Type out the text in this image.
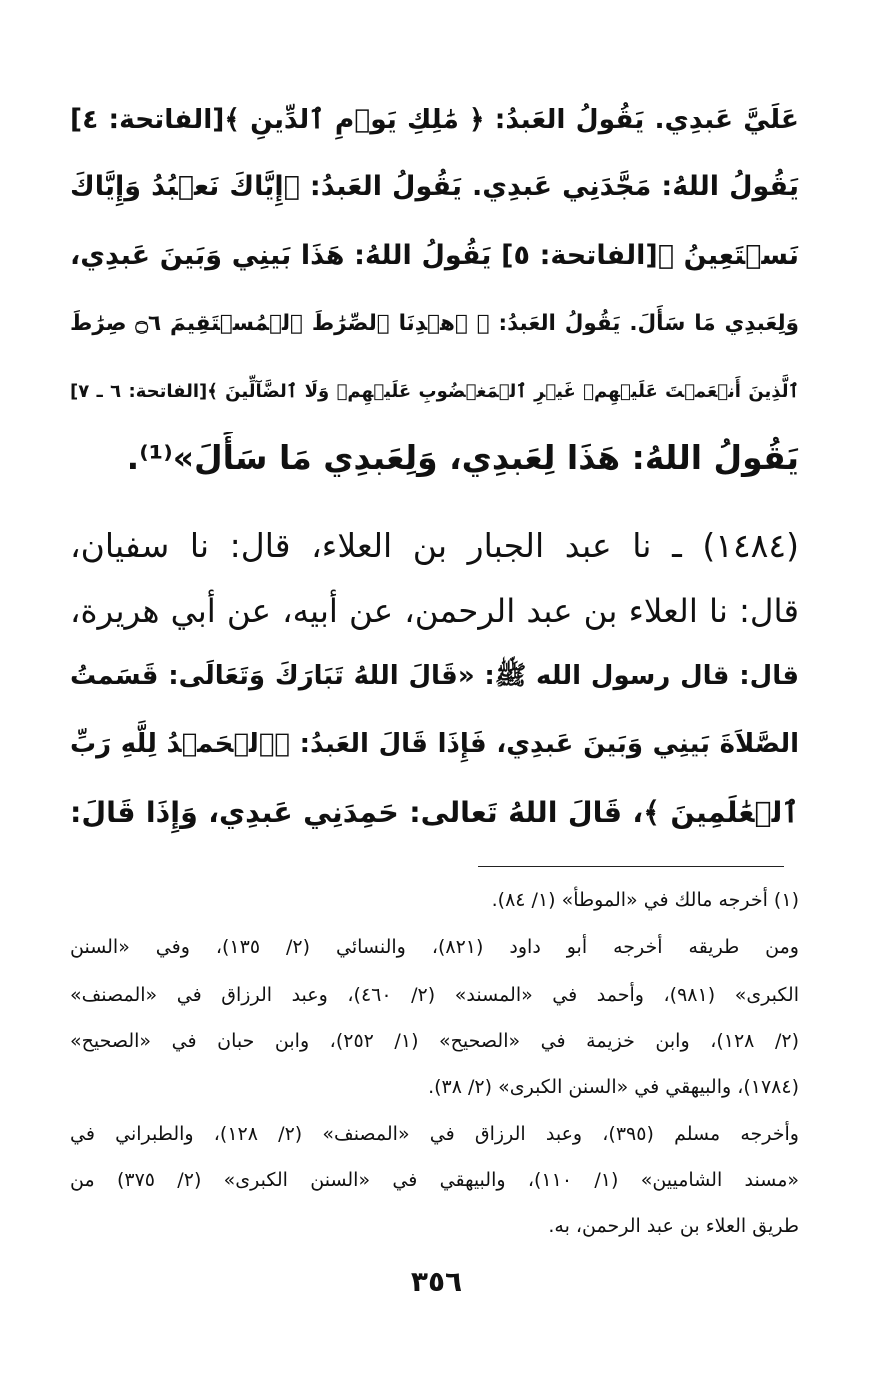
عَلَيَّ عَبدِي. يَقُولُ العَبدُ: ﴿ مَٰلِكِ يَوۡمِ ٱلدِّينِ ﴾[الفاتحة: ٤]
يَقُولُ اللهُ: مَجَّدَنِي عَبدِي. يَقُولُ العَبدُ: ﴿إِيَّاكَ نَعۡبُدُ وَإِيَّاكَ
نَسۡتَعِينُ ﴾[الفاتحة: ٥] يَقُولُ اللهُ: هَذَا بَينِي وَبَينَ عَبدِي،
وَلِعَبدِي مَا سَأَلَ. يَقُولُ العَبدُ: ﴿ ٱهۡدِنَا ٱلصِّرَٰطَ ٱلۡمُسۡتَقِيمَ ۝٦ صِرَٰطَ
ٱلَّذِينَ أَنۡعَمۡتَ عَلَيۡهِمۡ غَيۡرِ ٱلۡمَغۡضُوبِ عَلَيۡهِمۡ وَلَا ٱلضَّآلِّينَ ﴾[الفاتحة: ٦ ـ ٧]
يَقُولُ اللهُ: هَذَا لِعَبدِي، وَلِعَبدِي مَا سَأَلَ»⁽¹⁾.
(١٤٨٤) ـ نا عبد الجبار بن العلاء، قال: نا سفيان،
قال: نا العلاء بن عبد الرحمن، عن أبيه، عن أبي هريرة،
قال: قال رسول الله ﷺ: «قَالَ اللهُ تَبَارَكَ وَتَعَالَى: قَسَمتُ
الصَّلاَةَ بَينِي وَبَينَ عَبدِي، فَإِذَا قَالَ العَبدُ: ﴿ٱلۡحَمۡدُ لِلَّهِ رَبِّ
ٱلۡعَٰلَمِينَ ﴾، قَالَ اللهُ تَعالى: حَمِدَنِي عَبدِي، وَإِذَا قَالَ:
(١) أخرجه مالك في «الموطأ» (١/ ٨٤).
ومن طريقه أخرجه أبو داود (٨٢١)، والنسائي (٢/ ١٣٥)، وفي «السنن
الكبرى» (٩٨١)، وأحمد في «المسند» (٢/ ٤٦٠)، وعبد الرزاق في «المصنف»
(٢/ ١٢٨)، وابن خزيمة في «الصحيح» (١/ ٢٥٢)، وابن حبان في «الصحيح»
(١٧٨٤)، والبيهقي في «السنن الكبرى» (٢/ ٣٨).
وأخرجه مسلم (٣٩٥)، وعبد الرزاق في «المصنف» (٢/ ١٢٨)، والطبراني في
«مسند الشاميين» (١/ ١١٠)، والبيهقي في «السنن الكبرى» (٢/ ٣٧٥) من
طريق العلاء بن عبد الرحمن، به.
٣٥٦
